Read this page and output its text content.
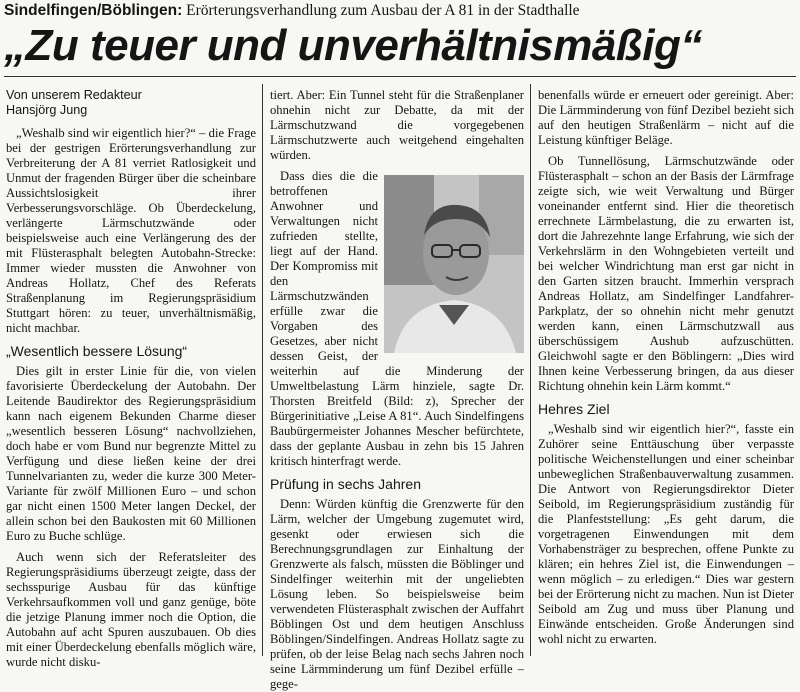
Sindelfingen/Böblingen: Erörterungsverhandlung zum Ausbau der A 81 in der Stadthalle
„Zu teuer und unverhältnismäßig“
Von unserem Redakteur
Hansjörg Jung

„Weshalb sind wir eigentlich hier?“ – die Frage bei der gestrigen Erörterungsverhandlung zur Verbreiterung der A 81 verriet Ratlosigkeit und Unmut der fragenden Bürger über die scheinbare Aussichtslosigkeit ihrer Verbesserungsvorschläge. Ob Überdeckelung, verlängerte Lärmschutzwände oder beispielsweise auch eine Verlängerung des der mit Flüsterasphalt belegten Autobahn-Strecke: Immer wieder mussten die Anwohner von Andreas Hollatz, Chef des Referats Straßenplanung im Regierungspräsidium Stuttgart hören: zu teuer, unverhältnismäßig, nicht machbar.

„Wesentlich bessere Lösung“

Dies gilt in erster Linie für die, von vielen favorisierte Überdeckelung der Autobahn. Der Leitende Baudirektor des Regierungspräsidium kann nach eigenem Bekunden Charme dieser „wesentlich besseren Lösung“ nachvollziehen, doch habe er vom Bund nur begrenzte Mittel zu Verfügung und diese ließen keine der drei Tunnelvarianten zu, weder die kurze 300 Meter-Variante für zwölf Millionen Euro – und schon gar nicht einen 1500 Meter langen Deckel, der allein schon bei den Baukosten mit 60 Millionen Euro zu Buche schlüge.

Auch wenn sich der Referatsleiter des Regierungspräsidiums überzeugt zeigte, dass der sechsspurige Ausbau für das künftige Verkehrsaufkommen voll und ganz genüge, böte die jetzige Planung immer noch die Option, die Autobahn auf acht Spuren auszubauen. Ob dies mit einer Überdeckelung ebenfalls möglich wäre, wurde nicht disku-

tiert. Aber: Ein Tunnel steht für die Straßenplaner ohnehin nicht zur Debatte, da mit der Lärmschutzwand die vorgegebenen Lärmschutzwerte auch weitgehend eingehalten würden.

Dass dies die die betroffenen Anwohner und Verwaltungen nicht zufrieden stellte, liegt auf der Hand. Der Kompromiss mit den Lärmschutzwänden erfülle zwar die Vorgaben des Gesetzes, aber nicht dessen Geist, der weiterhin auf die Minderung der Umweltbelastung Lärm hinziele, sagte Dr. Thorsten Breitfeld (Bild: z), Sprecher der Bürgerinitiative „Leise A 81“. Auch Sindelfingens Baubürgermeister Johannes Mescher befürchtete, dass der geplante Ausbau in zehn bis 15 Jahren kritisch hinterfragt werde.

Prüfung in sechs Jahren

Denn: Würden künftig die Grenzwerte für den Lärm, welcher der Umgebung zugemutet wird, gesenkt oder erwiesen sich die Berechnungsgrundlagen zur Einhaltung der Grenzwerte als falsch, müssten die Böblinger und Sindelfinger weiterhin mit der ungeliebten Lösung leben. So beispielsweise beim verwendeten Flüsterasphalt zwischen der Auffahrt Böblingen Ost und dem heutigen Anschluss Böblingen/Sindelfingen. Andreas Hollatz sagte zu prüfen, ob der leise Belag nach sechs Jahren noch seine Lärmminderung um fünf Dezibel erfülle – gege-

benenfalls würde er erneuert oder gereinigt. Aber: Die Lärmminderung von fünf Dezibel bezieht sich auf den heutigen Straßenlärm – nicht auf die Leistung künftiger Beläge.

Ob Tunnellösung, Lärmschutzwände oder Flüsterasphalt – schon an der Basis der Lärmfrage zeigte sich, wie weit Verwaltung und Bürger voneinander entfernt sind. Hier die theoretisch errechnete Lärmbelastung, die zu erwarten ist, dort die Jahrezehnte lange Erfahrung, wie sich der Verkehrslärm in den Wohngebieten verteilt und bei welcher Windrichtung man erst gar nicht in den Garten sitzen braucht. Immerhin versprach Andreas Hollatz, am Sindelfinger Landfahrer-Parkplatz, der so ohnehin nicht mehr genutzt werden kann, einen Lärmschutzwall aus überschüssigem Aushub aufzuschütten. Gleichwohl sagte er den Böblingern: „Dies wird Ihnen keine Verbesserung bringen, da aus dieser Richtung ohnehin kein Lärm kommt.“

Hehres Ziel

„Weshalb sind wir eigentlich hier?“, fasste ein Zuhörer seine Enttäuschung über verpasste politische Weichenstellungen und einer scheinbar unbeweglichen Straßenbauverwaltung zusammen. Die Antwort von Regierungsdirektor Dieter Seibold, im Regierungspräsidium zuständig für die Planfeststellung: „Es geht darum, die vorgetragenen Einwendungen mit dem Vorhabensträger zu besprechen, offene Punkte zu klären; ein hehres Ziel ist, die Einwendungen – wenn möglich – zu erledigen.“ Dies war gestern bei der Erörterung nicht zu machen. Nun ist Dieter Seibold am Zug und muss über Planung und Einwände entscheiden. Große Änderungen sind wohl nicht zu erwarten.
